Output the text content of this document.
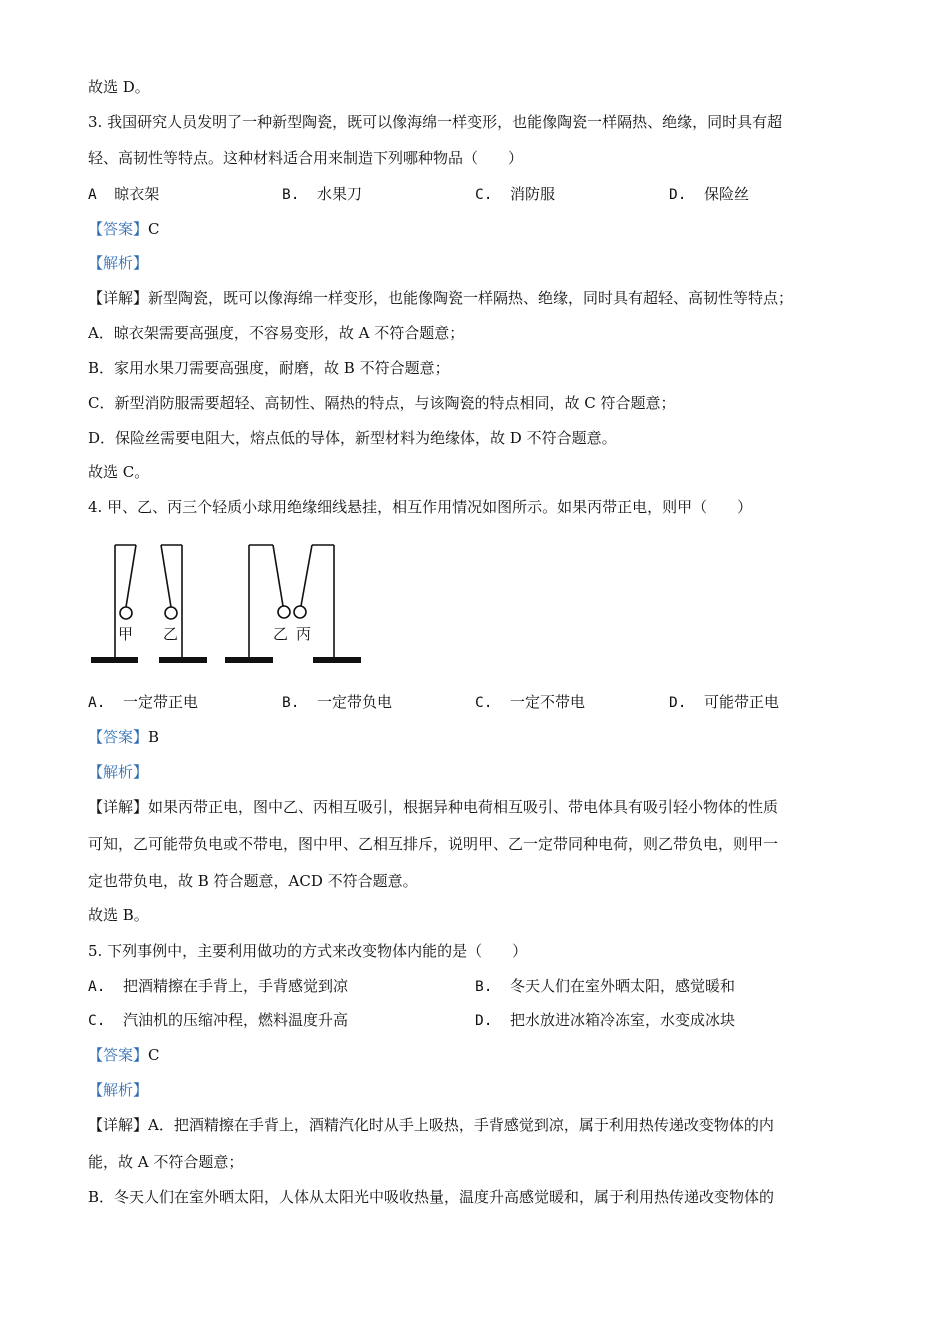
故选 D。
3. 我国研究人员发明了一种新型陶瓷，既可以像海绵一样变形，也能像陶瓷一样隔热、绝缘，同时具有超
轻、高韧性等特点。这种材料适合用来制造下列哪种物品（　　）
A 晾衣架	B. 水果刀	C. 消防服	D. 保险丝
【答案】C
【解析】
【详解】新型陶瓷，既可以像海绵一样变形，也能像陶瓷一样隔热、绝缘，同时具有超轻、高韧性等特点；
A．晾衣架需要高强度，不容易变形，故 A 不符合题意；
B．家用水果刀需要高强度，耐磨，故 B 不符合题意；
C．新型消防服需要超轻、高韧性、隔热的特点，与该陶瓷的特点相同，故 C 符合题意；
D．保险丝需要电阻大，熔点低的导体，新型材料为绝缘体，故 D 不符合题意。
故选 C。
4. 甲、乙、丙三个轻质小球用绝缘细线悬挂，相互作用情况如图所示。如果丙带正电，则甲（　　）
甲 乙	乙 丙
A. 一定带正电	B. 一定带负电	C. 一定不带电	D. 可能带正电
【答案】B
【解析】
【详解】如果丙带正电，图中乙、丙相互吸引，根据异种电荷相互吸引、带电体具有吸引轻小物体的性质
可知，乙可能带负电或不带电，图中甲、乙相互排斥，说明甲、乙一定带同种电荷，则乙带负电，则甲一
定也带负电，故 B 符合题意，ACD 不符合题意。
故选 B。
5. 下列事例中，主要利用做功的方式来改变物体内能的是（　　）
A. 把酒精擦在手背上，手背感觉到凉	B. 冬天人们在室外晒太阳，感觉暖和
C. 汽油机的压缩冲程，燃料温度升高	D. 把水放进冰箱冷冻室，水变成冰块
【答案】C
【解析】
【详解】A．把酒精擦在手背上，酒精汽化时从手上吸热，手背感觉到凉，属于利用热传递改变物体的内
能，故 A 不符合题意；
B．冬天人们在室外晒太阳，人体从太阳光中吸收热量，温度升高感觉暖和，属于利用热传递改变物体的
